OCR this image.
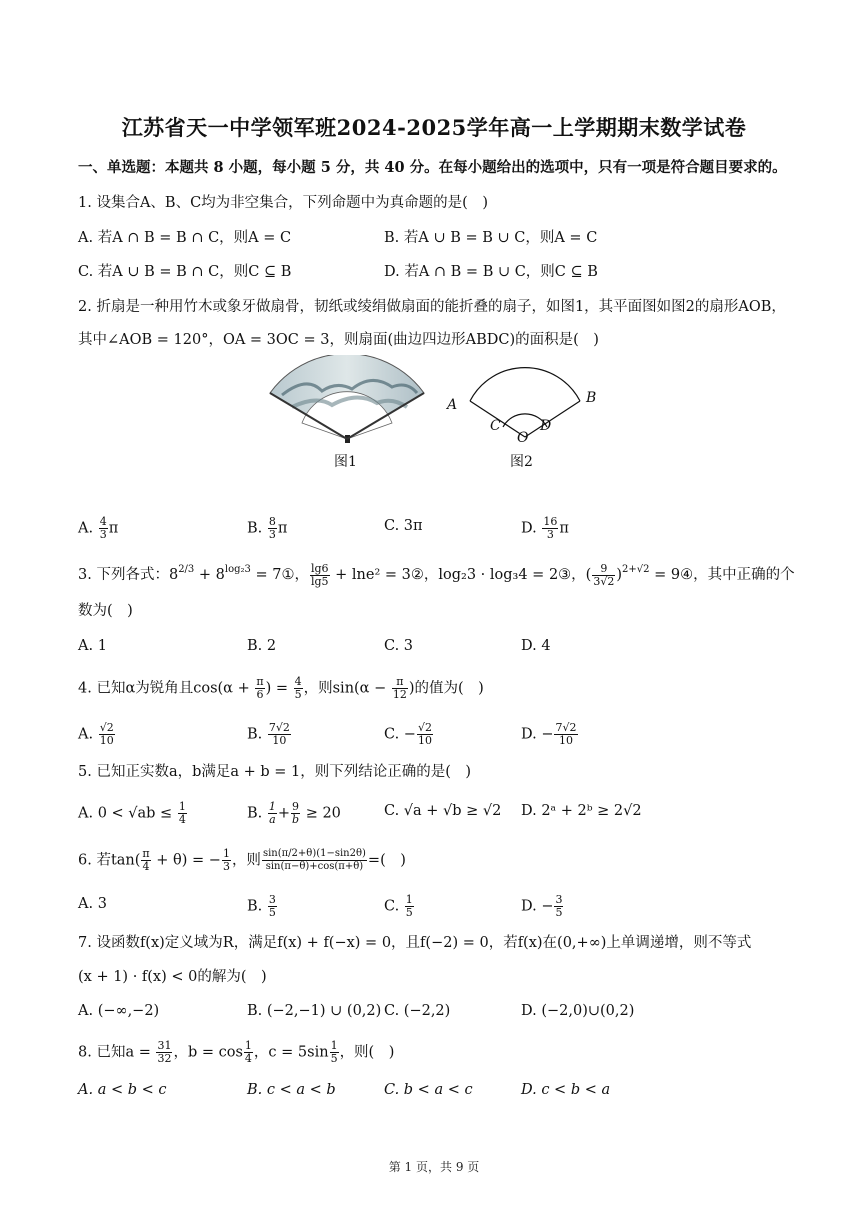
江苏省天一中学领军班2024-2025学年高一上学期期末数学试卷
一、单选题：本题共 8 小题，每小题 5 分，共 40 分。在每小题给出的选项中，只有一项是符合题目要求的。
1. 设集合A、B、C均为非空集合，下列命题中为真命题的是(　)
A. 若A ∩ B = B ∩ C，则A = C	B. 若A ∪ B = B ∪ C，则A = C
C. 若A ∪ B = B ∩ C，则C ⊆ B	D. 若A ∩ B = B ∪ C，则C ⊆ B
2. 折扇是一种用竹木或象牙做扇骨，韧纸或绫绢做扇面的能折叠的扇子，如图1，其平面图如图2的扇形AOB，
其中∠AOB = 120°，OA = 3OC = 3，则扇面(曲边四边形ABDC)的面积是(　)
图1
A	B
C	D
O
图2
A. $\frac{4}{3}$ π	B. $\frac{8}{3}$ π	C. 3π	D. $\frac{16}{3}$ π
3. 下列各式：$8^{2/3} + 8^{log_23}$ = 7①， $\frac{\lg 6}{\lg 5} + \ln e^2$ = 3②，log₂3 · log₃4 = 2③，( $\frac{9}{3√2} )^{2+√2}$ = 9④，其中正确的个
数为(　)
A. 1	B. 2	C. 3	D. 4
4. 已知α为锐角且$\cos(\alpha + \frac{\pi}{6}$ ) = $\frac{4}{5}$ ，则$\sin(\alpha - \frac{\pi}{12}$ )的值为(　)
A. $\frac{√2}{10}$	B. $\frac{7√2}{10}$	C. − $\frac{√2}{10}$	D. − $\frac{7√2}{10}$
5. 已知正实数a，b满足a + b = 1，则下列结论正确的是(　)
A. $0 < √ab \le \frac{1}{4}$	B. $\frac{1}{a} + \frac{9}{b} \ge 20$	C. √a + √b ≥ √2 D. 2ᵃ + 2ᵇ ≥ 2√2
6. 若$\tan( \frac{\pi}{4} + \theta)$ = − $\frac{1}{3}$ ，则 $\frac{\sin(\pi/2+\theta)(1-\sin 2\theta)}{\sin(\pi-\theta)+\cos(\pi+\theta)}$ =(　)
A. 3	B. $\frac{3}{5}$	C. $\frac{1}{5}$	D. − $\frac{3}{5}$
7. 设函数f(x)定义域为R，满足f(x) + f(−x) = 0，且f(−2) = 0，若f(x)在(0,+∞)上单调递增，则不等式
(x + 1) · f(x) < 0的解为(　)
A. (−∞,−2)	B. (−2,−1) ∪ (0,2) C. (−2,2)	D. (−2,0)∪(0,2)
8. 已知$a = \frac{31}{32}$ ，$b = \cos \frac{1}{4}$ ，$c = 5\sin \frac{1}{5}$ ，则(　)
A. a < b < c	B. c < a < b	C. b < a < c	D. c < b < a
第 1 页，共 9 页
